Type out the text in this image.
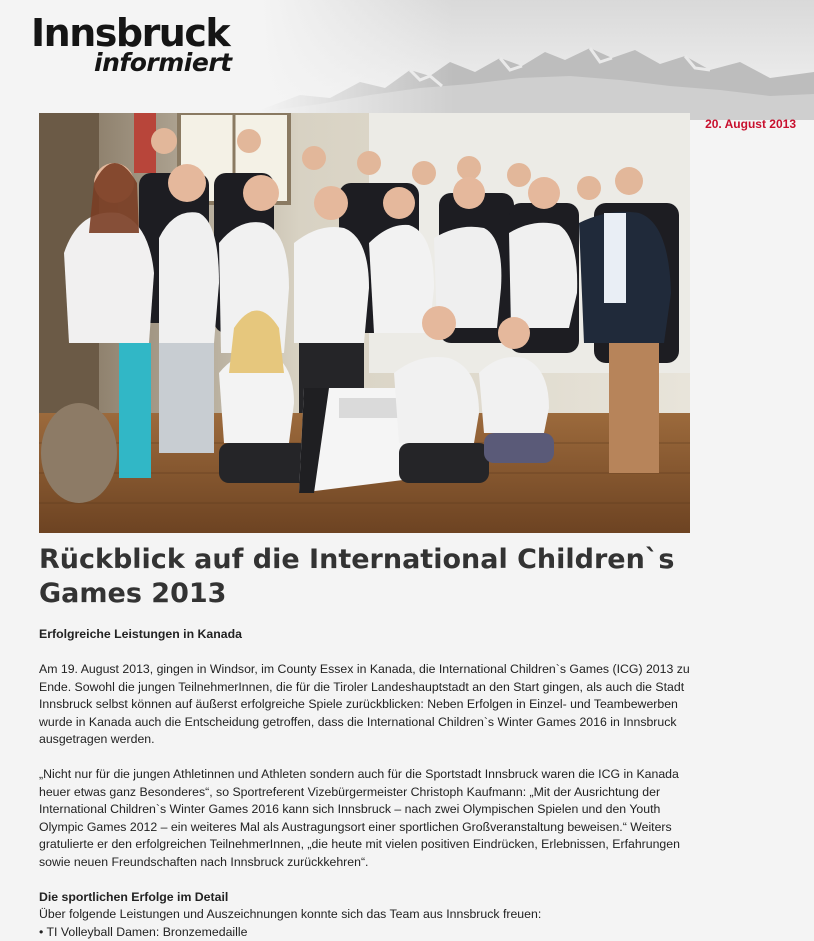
Innsbruck
informiert
20. August 2013
Rückblick auf die International Children`s Games 2013

Erfolgreiche Leistungen in Kanada

Am 19. August 2013, gingen in Windsor, im County Essex in Kanada, die International Children`s Games (ICG) 2013 zu Ende. Sowohl die jungen TeilnehmerInnen, die für die Tiroler Landeshauptstadt an den Start gingen, als auch die Stadt Innsbruck selbst können auf äußerst erfolgreiche Spiele zurückblicken: Neben Erfolgen in Einzel- und Teambewerben wurde in Kanada auch die Entscheidung getroffen, dass die International Children`s Winter Games 2016 in Innsbruck ausgetragen werden.

„Nicht nur für die jungen Athletinnen und Athleten sondern auch für die Sportstadt Innsbruck waren die ICG in Kanada heuer etwas ganz Besonderes“, so Sportreferent Vizebürgermeister Christoph Kaufmann: „Mit der Ausrichtung der International Children`s Winter Games 2016 kann sich Innsbruck – nach zwei Olympischen Spielen und den Youth Olympic Games 2012 – ein weiteres Mal als Austragungsort einer sportlichen Großveranstaltung beweisen.“ Weiters gratulierte er den erfolgreichen TeilnehmerInnen, „die heute mit vielen positiven Eindrücken, Erlebnissen, Erfahrungen sowie neuen Freundschaften nach Innsbruck zurückkehren“.

Die sportlichen Erfolge im Detail

Über folgende Leistungen und Auszeichnungen konnte sich das Team aus Innsbruck freuen:

• TI Volleyball Damen: Bronzemedaille
